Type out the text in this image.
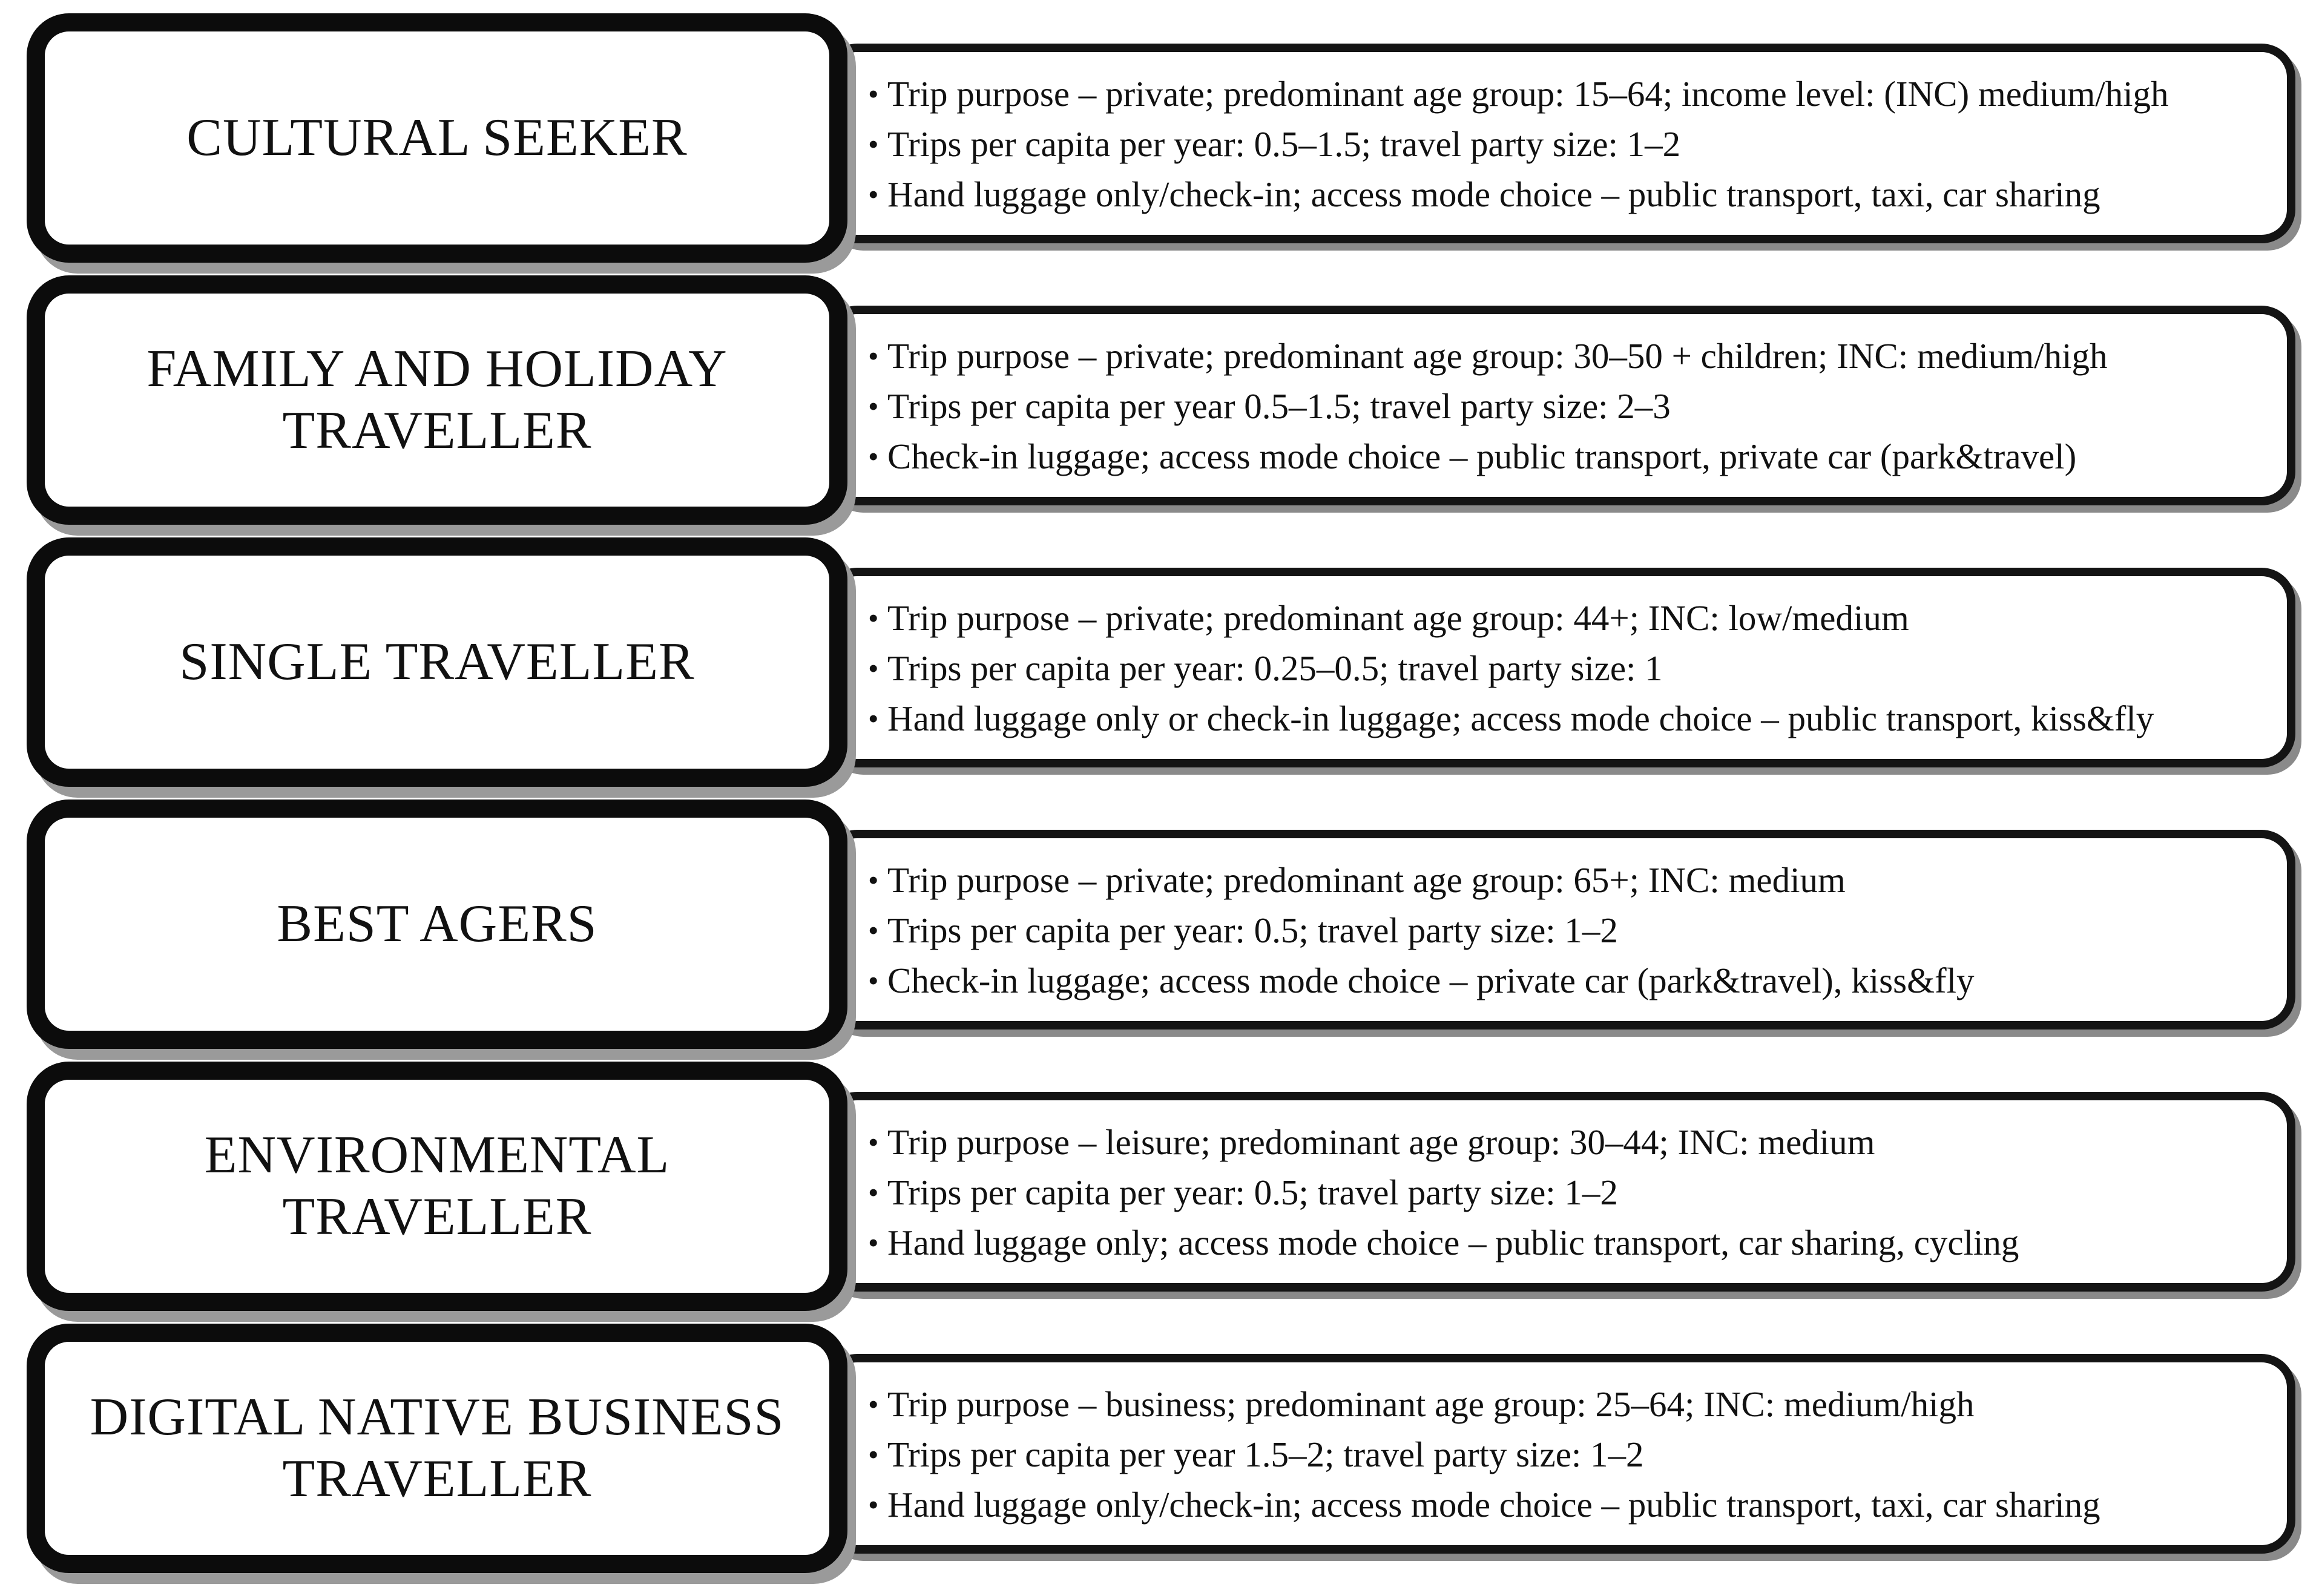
• Trip purpose – private; predominant age group: 15–64; income level: (INC) medium/high
• Trips per capita per year: 0.5–1.5; travel party size: 1–2
• Hand luggage only/check-in; access mode choice – public transport, taxi, car sharing
CULTURAL SEEKER
• Trip purpose – private; predominant age group: 30–50 + children; INC: medium/high
• Trips per capita per year 0.5–1.5; travel party size: 2–3
• Check-in luggage; access mode choice – public transport, private car (park&travel)
FAMILY AND HOLIDAY
TRAVELLER
• Trip purpose – private; predominant age group: 44+; INC: low/medium
• Trips per capita per year: 0.25–0.5; travel party size: 1
• Hand luggage only or check-in luggage; access mode choice – public transport, kiss&fly
SINGLE TRAVELLER
• Trip purpose – private; predominant age group: 65+; INC: medium
• Trips per capita per year: 0.5; travel party size: 1–2
• Check-in luggage; access mode choice – private car (park&travel), kiss&fly
BEST AGERS
• Trip purpose – leisure; predominant age group: 30–44; INC: medium
• Trips per capita per year: 0.5; travel party size: 1–2
• Hand luggage only; access mode choice – public transport, car sharing, cycling
ENVIRONMENTAL
TRAVELLER
• Trip purpose – business; predominant age group: 25–64; INC: medium/high
• Trips per capita per year 1.5–2; travel party size: 1–2
• Hand luggage only/check-in; access mode choice – public transport, taxi, car sharing
DIGITAL NATIVE BUSINESS
TRAVELLER
